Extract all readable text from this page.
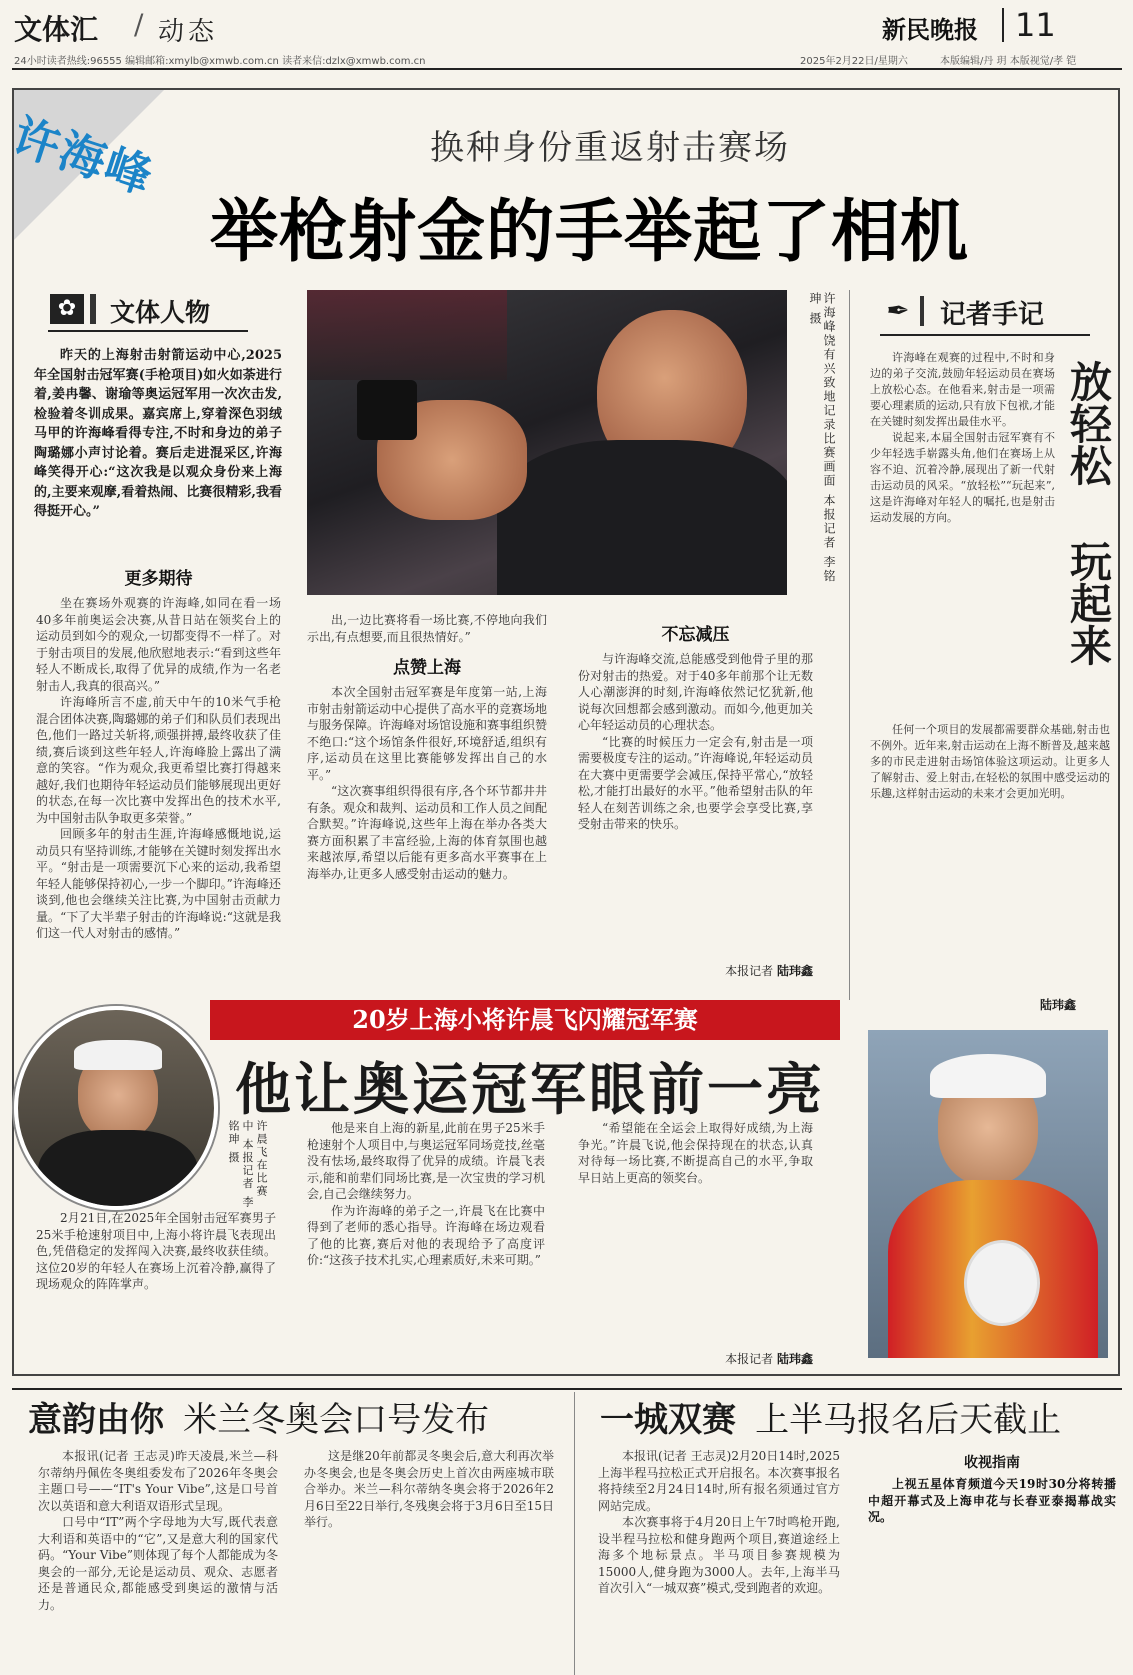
文体汇 / 动态	新民晚报 11
24小时读者热线:96555 编辑邮箱:xmylb@xmwb.com.cn 读者来信:dzlx@xmwb.com.cn	2025年2月22日/星期六	本版编辑/丹 玥 本版视觉/孝 铠
许海峰	换种身份重返射击赛场
举枪射金的手举起了相机
✿	文体人物
昨天的上海射击射箭运动中心,2025年全国射击冠军赛(手枪项目)如火如荼进行着,姜冉馨、谢瑜等奥运冠军用一次次击发,检验着冬训成果。嘉宾席上,穿着深色羽绒马甲的许海峰看得专注,不时和身边的弟子陶璐娜小声讨论着。赛后走进混采区,许海峰笑得开心:“这次我是以观众身份来上海的,主要来观摩,看着热闹、比赛很精彩,我看得挺开心。”	许海峰饶有兴致地记录比赛画面 本报记者 李铭珅 摄
更多期待

坐在赛场外观赛的许海峰,如同在看一场40多年前奥运会决赛,从昔日站在领奖台上的运动员到如今的观众,一切都变得不一样了。对于射击项目的发展,他欣慰地表示:“看到这些年轻人不断成长,取得了优异的成绩,作为一名老射击人,我真的很高兴。”

许海峰所言不虚,前天中午的10米气手枪混合团体决赛,陶璐娜的弟子们和队员们表现出色,他们一路过关斩将,顽强拼搏,最终收获了佳绩,赛后谈到这些年轻人,许海峰脸上露出了满意的笑容。“作为观众,我更希望比赛打得越来越好,我们也期待年轻运动员们能够展现出更好的状态,在每一次比赛中发挥出色的技术水平,为中国射击队争取更多荣誉。”

回顾多年的射击生涯,许海峰感慨地说,运动员只有坚持训练,才能够在关键时刻发挥出水平。“射击是一项需要沉下心来的运动,我希望年轻人能够保持初心,一步一个脚印。”许海峰还谈到,他也会继续关注比赛,为中国射击贡献力量。“下了大半辈子射击的许海峰说:“这就是我们这一代人对射击的感情。”

出,一边比赛将看一场比赛,不停地向我们示出,有点想要,而且很热情好。”

点赞上海

本次全国射击冠军赛是年度第一站,上海市射击射箭运动中心提供了高水平的竞赛场地与服务保障。许海峰对场馆设施和赛事组织赞不绝口:“这个场馆条件很好,环境舒适,组织有序,运动员在这里比赛能够发挥出自己的水平。”

“这次赛事组织得很有序,各个环节都井井有条。观众和裁判、运动员和工作人员之间配合默契。”许海峰说,这些年上海在举办各类大赛方面积累了丰富经验,上海的体育氛围也越来越浓厚,希望以后能有更多高水平赛事在上海举办,让更多人感受射击运动的魅力。

不忘减压

与许海峰交流,总能感受到他骨子里的那份对射击的热爱。对于40多年前那个让无数人心潮澎湃的时刻,许海峰依然记忆犹新,他说每次回想都会感到激动。而如今,他更加关心年轻运动员的心理状态。

“比赛的时候压力一定会有,射击是一项需要极度专注的运动。”许海峰说,年轻运动员在大赛中更需要学会减压,保持平常心,“放轻松,才能打出最好的水平。”他希望射击队的年轻人在刻苦训练之余,也要学会享受比赛,享受射击带来的快乐。

本报记者 陆玮鑫
✒ 记者手记

许海峰在观赛的过程中,不时和身边的弟子交流,鼓励年轻运动员在赛场上放松心态。在他看来,射击是一项需要心理素质的运动,只有放下包袱,才能在关键时刻发挥出最佳水平。

说起来,本届全国射击冠军赛有不少年轻选手崭露头角,他们在赛场上从容不迫、沉着冷静,展现出了新一代射击运动员的风采。“放轻松”“玩起来”,这是许海峰对年轻人的嘱托,也是射击运动发展的方向。

放轻松
玩起来

任何一个项目的发展都需要群众基础,射击也不例外。近年来,射击运动在上海不断普及,越来越多的市民走进射击场馆体验这项运动。让更多人了解射击、爱上射击,在轻松的氛围中感受运动的乐趣,这样射击运动的未来才会更加光明。

陆玮鑫
20岁上海小将许晨飞闪耀冠军赛
他让奥运冠军眼前一亮

2月21日,在2025年全国射击冠军赛男子25米手枪速射项目中,上海小将许晨飞表现出色,凭借稳定的发挥闯入决赛,最终收获佳绩。这位20岁的年轻人在赛场上沉着冷静,赢得了现场观众的阵阵掌声。

许晨飞在比赛中 本报记者 李铭珅 摄	他是来自上海的新星,此前在男子25米手枪速射个人项目中,与奥运冠军同场竞技,丝毫没有怯场,最终取得了优异的成绩。许晨飞表示,能和前辈们同场比赛,是一次宝贵的学习机会,自己会继续努力。

作为许海峰的弟子之一,许晨飞在比赛中得到了老师的悉心指导。许海峰在场边观看了他的比赛,赛后对他的表现给予了高度评价:“这孩子技术扎实,心理素质好,未来可期。”

“希望能在全运会上取得好成绩,为上海争光。”许晨飞说,他会保持现在的状态,认真对待每一场比赛,不断提高自己的水平,争取早日站上更高的领奖台。

本报记者 陆玮鑫
意韵由你 米兰冬奥会口号发布	一城双赛 上半马报名后天截止

本报讯(记者 王志灵)昨天凌晨,米兰—科尔蒂纳丹佩佐冬奥组委发布了2026年冬奥会主题口号——“IT's Your Vibe”,这是口号首次以英语和意大利语双语形式呈现。

口号中“IT”两个字母地为大写,既代表意大利语和英语中的“它”,又是意大利的国家代码。“Your Vibe”则体现了每个人都能成为冬奥会的一部分,无论是运动员、观众、志愿者还是普通民众,都能感受到奥运的激情与活力。

这是继20年前都灵冬奥会后,意大利再次举办冬奥会,也是冬奥会历史上首次由两座城市联合举办。米兰—科尔蒂纳冬奥会将于2026年2月6日至22日举行,冬残奥会将于3月6日至15日举行。

本报讯(记者 王志灵)2月20日14时,2025上海半程马拉松正式开启报名。本次赛事报名将持续至2月24日14时,所有报名须通过官方网站完成。

本次赛事将于4月20日上午7时鸣枪开跑,设半程马拉松和健身跑两个项目,赛道途经上海多个地标景点。半马项目参赛规模为15000人,健身跑为3000人。去年,上海半马首次引入“一城双赛”模式,受到跑者的欢迎。

收视指南

上视五星体育频道今天19时30分将转播中超开幕式及上海申花与长春亚泰揭幕战实况。
